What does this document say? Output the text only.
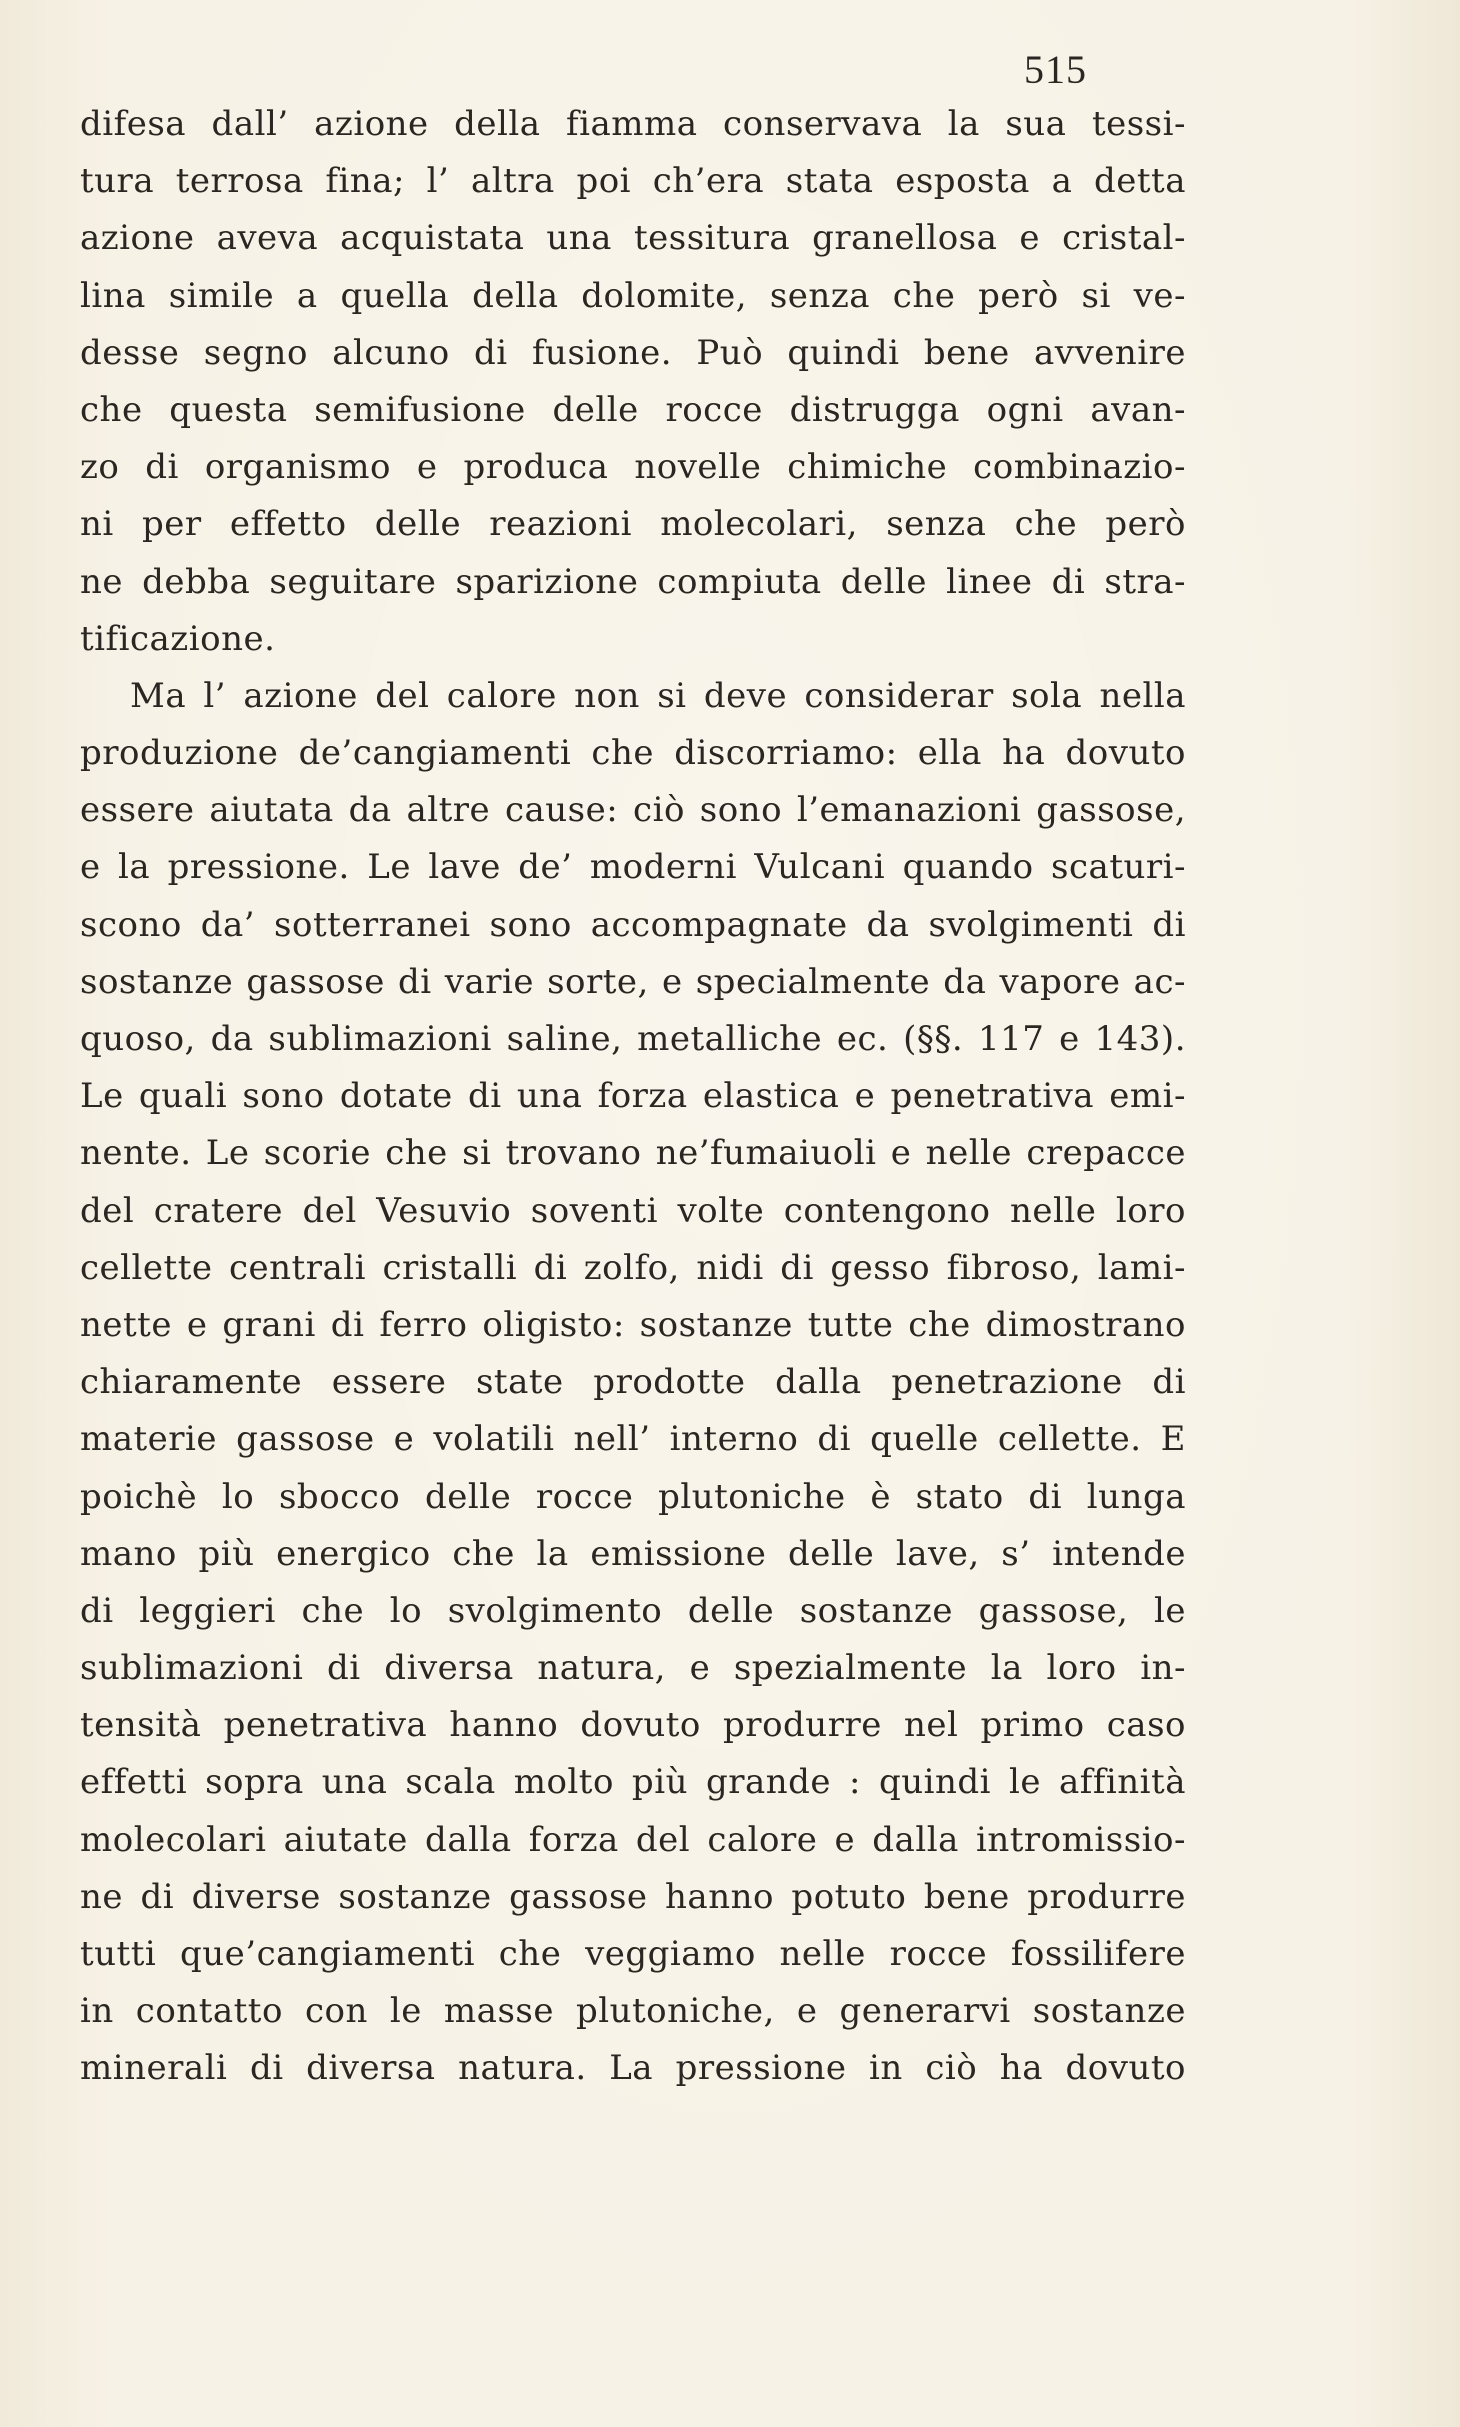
515
difesa dall’ azione della fiamma conservava la sua tessi-
tura terrosa fina; l’ altra poi ch’era stata esposta a detta
azione aveva acquistata una tessitura granellosa e cristal-
lina simile a quella della dolomite, senza che però si ve-
desse segno alcuno di fusione. Può quindi bene avvenire
che questa semifusione delle rocce distrugga ogni avan-
zo di organismo e produca novelle chimiche combinazio-
ni per effetto delle reazioni molecolari, senza che però
ne debba seguitare sparizione compiuta delle linee di stra-
tificazione.
Ma l’ azione del calore non si deve considerar sola nella
produzione de’cangiamenti che discorriamo: ella ha dovuto
essere aiutata da altre cause: ciò sono l’emanazioni gassose,
e la pressione. Le lave de’ moderni Vulcani quando scaturi-
scono da’ sotterranei sono accompagnate da svolgimenti di
sostanze gassose di varie sorte, e specialmente da vapore ac-
quoso, da sublimazioni saline, metalliche ec. (§§. 117 e 143).
Le quali sono dotate di una forza elastica e penetrativa emi-
nente. Le scorie che si trovano ne’fumaiuoli e nelle crepacce
del cratere del Vesuvio soventi volte contengono nelle loro
cellette centrali cristalli di zolfo, nidi di gesso fibroso, lami-
nette e grani di ferro oligisto: sostanze tutte che dimostrano
chiaramente essere state prodotte dalla penetrazione di
materie gassose e volatili nell’ interno di quelle cellette. E
poichè lo sbocco delle rocce plutoniche è stato di lunga
mano più energico che la emissione delle lave, s’ intende
di leggieri che lo svolgimento delle sostanze gassose, le
sublimazioni di diversa natura, e spezialmente la loro in-
tensità penetrativa hanno dovuto produrre nel primo caso
effetti sopra una scala molto più grande : quindi le affinità
molecolari aiutate dalla forza del calore e dalla intromissio-
ne di diverse sostanze gassose hanno potuto bene produrre
tutti que’cangiamenti che veggiamo nelle rocce fossilifere
in contatto con le masse plutoniche, e generarvi sostanze
minerali di diversa natura. La pressione in ciò ha dovuto
